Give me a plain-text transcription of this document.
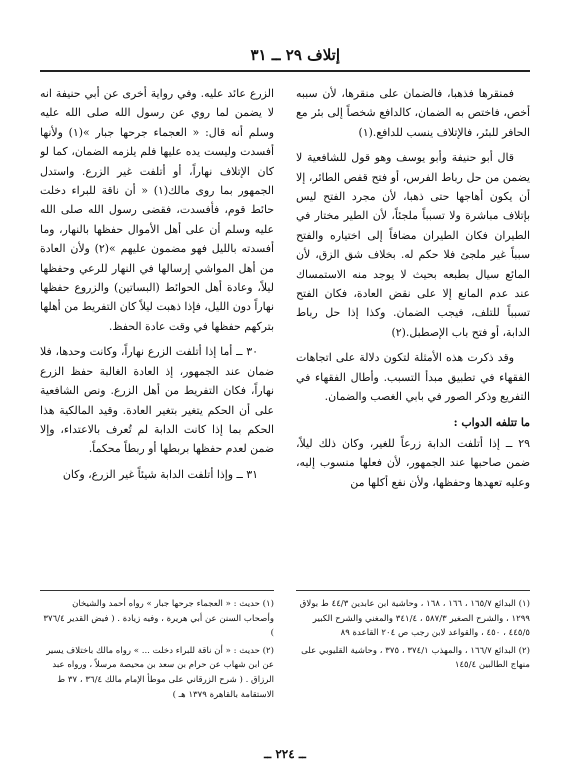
إتلاف ٢٩ ــ ٣١

فمنقرها فذهبا، فالضمان على منقرها، لأن سببه أخص، فاختص به الضمان، كالدافع شخصاً إلى بئر مع الحافر للبئر، فالإتلاف ينسب للدافع.(١)

قال أبو حنيفة وأبو يوسف وهو قول للشافعية لا يضمن من حل رباط الفرس، أو فتح قفص الطائر، إلا أن يكون أهاجها حتى ذهبا، لأن مجرد الفتح ليس بإتلاف مباشرة ولا تسبباً ملجئاً، لأن الطير مختار في الطيران فكان الطيران مضافاً إلى اختياره والفتح سبباً غير ملجئ فلا حكم له. بخلاف شق الزق، لأن المائع سيال بطبعه بحيث لا يوجد منه الاستمساك عند عدم المانع إلا على نقض العادة، فكان الفتح تسبباً للتلف، فيجب الضمان. وكذا إذا حل رباط الدابة، أو فتح باب الإصطبل.(٢)

وقد ذكرت هذه الأمثلة لتكون دلالة على اتجاهات الفقهاء في تطبيق مبدأ التسبب. وأطال الفقهاء في التفريع وذكر الصور في بابي الغصب والضمان.

ما تتلفه الدواب :

٢٩ ــ إذا أتلفت الدابة زرعاً للغير، وكان ذلك ليلاً، ضمن صاحبها عند الجمهور، لأن فعلها منسوب إليه، وعليه تعهدها وحفظها، ولأن نفع أكلها من

الزرع عائد عليه. وفي رواية أخرى عن أبي حنيفة انه لا يضمن لما روي عن رسول الله صلى الله عليه وسلم أنه قال: « العجماء جرحها جبار »(١) ولأنها أفسدت وليست يده عليها فلم يلزمه الضمان، كما لو كان الإتلاف نهاراً، أو أتلفت غير الزرع. واستدل الجمهور بما روى مالك(١) « أن ناقة للبراء دخلت حائط قوم، فأفسدت، فقضى رسول الله صلى الله عليه وسلم أن على أهل الأموال حفظها بالنهار، وما أفسدته بالليل فهو مضمون عليهم »(٢) ولأن العادة من أهل المواشي إرسالها في النهار للرعي وحفظها ليلاً، وعادة أهل الحوائط (البساتين) والزروع حفظها نهاراً دون الليل، فإذا ذهبت ليلاً كان التفريط من أهلها بتركهم حفظها في وقت عادة الحفظ.

٣٠ ــ أما إذا أتلفت الزرع نهاراً، وكانت وحدها، فلا ضمان عند الجمهور، إذ العادة الغالبة حفظ الزرع نهاراً، فكان التفريط من أهل الزرع. ونص الشافعية على أن الحكم يتغير بتغير العادة. وقيد المالكية هذا الحكم بما إذا كانت الدابة لم تُعرف بالاعتداء، وإلا ضمن لعدم حفظها بربطها أو ربطاً محكماً.

٣١ ــ وإذا أتلفت الدابة شيئاً غير الزرع، وكان

(١) البدائع ١٦٥/٧ ، ١٦٦ ، ١٦٨ ، وحاشية ابن عابدين ٤٤/٣ ط بولاق ١٢٩٩ ، والشرح الصغير ٥٨٧/٣ ، ٣٤١/٤ والمغني والشرح الكبير ٤٤٥/٥ ، ٤٥٠ ، والقواعد لابن رجب ص ٢٠٤ القاعدة ٨٩

(٢) البدائع ١٦٦/٧ ، والمهذب ٣٧٤/١ ، ٣٧٥ ، وحاشية القليوبي على منهاج الطالبين ١٤٥/٤

(١) حديث : « العجماء جرحها جبار » رواه أحمد والشيخان وأصحاب السنن عن أبي هريرة ، وفيه زيادة . ( فيض القدير ٣٧٦/٤ )

(٢) حديث : « أن ناقة للبراء دخلت ... » رواه مالك باختلاف يسير عن ابن شهاب عن حرام بن سعد بن محيصة مرسلاً ، ورواه عبد الرزاق . ( شرح الزرقاني على موطأ الإمام مالك ٣٦/٤ ، ٣٧ ط الاستقامة بالقاهرة ١٣٧٩ هـ )

ــ ٢٢٤ ــ
